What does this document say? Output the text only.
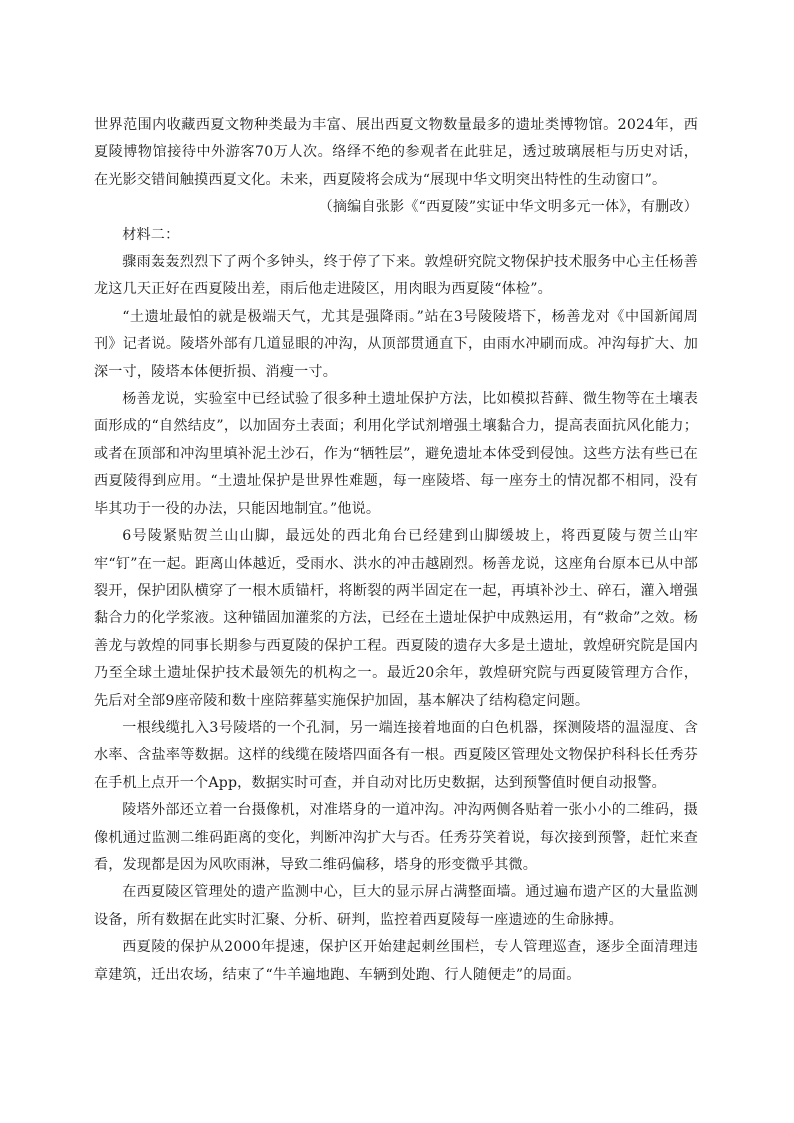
世界范围内收藏西夏文物种类最为丰富、展出西夏文物数量最多的遗址类博物馆。2024年，西夏陵博物馆接待中外游客70万人次。络绎不绝的参观者在此驻足，透过玻璃展柜与历史对话，在光影交错间触摸西夏文化。未来，西夏陵将会成为“展现中华文明突出特性的生动窗口”。

（摘编自张影《“西夏陵”实证中华文明多元一体》，有删改）

材料二：

骤雨轰轰烈烈下了两个多钟头，终于停了下来。敦煌研究院文物保护技术服务中心主任杨善龙这几天正好在西夏陵出差，雨后他走进陵区，用肉眼为西夏陵“体检”。

“土遗址最怕的就是极端天气，尤其是强降雨。”站在3号陵陵塔下，杨善龙对《中国新闻周刊》记者说。陵塔外部有几道显眼的冲沟，从顶部贯通直下，由雨水冲刷而成。冲沟每扩大、加深一寸，陵塔本体便折损、消瘦一寸。

杨善龙说，实验室中已经试验了很多种土遗址保护方法，比如模拟苔藓、微生物等在土壤表面形成的“自然结皮”，以加固夯土表面；利用化学试剂增强土壤黏合力，提高表面抗风化能力；或者在顶部和冲沟里填补泥土沙石，作为“牺牲层”，避免遗址本体受到侵蚀。这些方法有些已在西夏陵得到应用。“土遗址保护是世界性难题，每一座陵塔、每一座夯土的情况都不相同，没有毕其功于一役的办法，只能因地制宜。”他说。

6号陵紧贴贺兰山山脚，最远处的西北角台已经建到山脚缓坡上，将西夏陵与贺兰山牢牢“钉”在一起。距离山体越近，受雨水、洪水的冲击越剧烈。杨善龙说，这座角台原本已从中部裂开，保护团队横穿了一根木质锚杆，将断裂的两半固定在一起，再填补沙土、碎石，灌入增强黏合力的化学浆液。这种锚固加灌浆的方法，已经在土遗址保护中成熟运用，有“救命”之效。杨善龙与敦煌的同事长期参与西夏陵的保护工程。西夏陵的遗存大多是土遗址，敦煌研究院是国内乃至全球土遗址保护技术最领先的机构之一。最近20余年，敦煌研究院与西夏陵管理方合作，先后对全部9座帝陵和数十座陪葬墓实施保护加固，基本解决了结构稳定问题。

一根线缆扎入3号陵塔的一个孔洞，另一端连接着地面的白色机器，探测陵塔的温湿度、含水率、含盐率等数据。这样的线缆在陵塔四面各有一根。西夏陵区管理处文物保护科科长任秀芬在手机上点开一个App，数据实时可查，并自动对比历史数据，达到预警值时便自动报警。

陵塔外部还立着一台摄像机，对准塔身的一道冲沟。冲沟两侧各贴着一张小小的二维码，摄像机通过监测二维码距离的变化，判断冲沟扩大与否。任秀芬笑着说，每次接到预警，赶忙来查看，发现都是因为风吹雨淋，导致二维码偏移，塔身的形变微乎其微。

在西夏陵区管理处的遗产监测中心，巨大的显示屏占满整面墙。通过遍布遗产区的大量监测设备，所有数据在此实时汇聚、分析、研判，监控着西夏陵每一座遗迹的生命脉搏。

西夏陵的保护从2000年提速，保护区开始建起刺丝围栏，专人管理巡查，逐步全面清理违章建筑，迁出农场，结束了“牛羊遍地跑、车辆到处跑、行人随便走”的局面。
